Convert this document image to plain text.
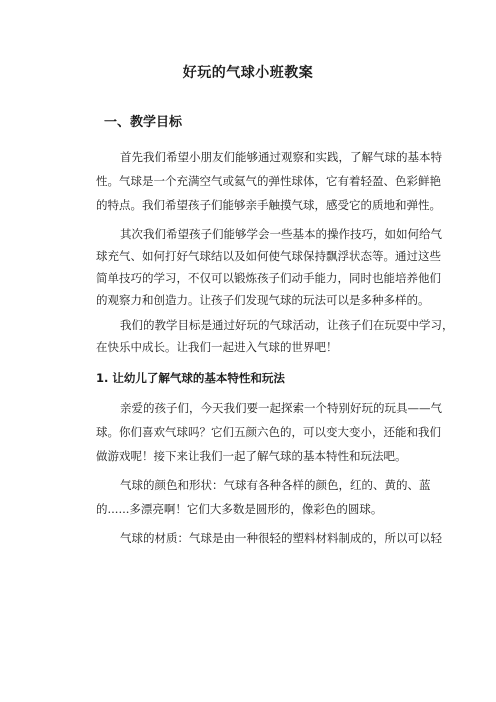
好玩的气球小班教案
一、教学目标
首先我们希望小朋友们能够通过观察和实践，了解气球的基本特
性。气球是一个充满空气或氦气的弹性球体，它有着轻盈、色彩鲜艳
的特点。我们希望孩子们能够亲手触摸气球，感受它的质地和弹性。
其次我们希望孩子们能够学会一些基本的操作技巧，如如何给气
球充气、如何打好气球结以及如何使气球保持飘浮状态等。通过这些
简单技巧的学习，不仅可以锻炼孩子们动手能力，同时也能培养他们
的观察力和创造力。让孩子们发现气球的玩法可以是多种多样的。
1. 让幼儿了解气球的基本特性和玩法
亲爱的孩子们，今天我们要一起探索一个特别好玩的玩具——气
球。你们喜欢气球吗？它们五颜六色的，可以变大变小，还能和我们
做游戏呢！接下来让我们一起了解气球的基本特性和玩法吧。
气球的颜色和形状：气球有各种各样的颜色，红的、黄的、蓝
的......多漂亮啊！它们大多数是圆形的，像彩色的圆球。
气球的材质：气球是由一种很轻的塑料材料制成的，所以可以轻
我们的教学目标是通过好玩的气球活动，让孩子们在玩耍中学习，
在快乐中成长。让我们一起进入气球的世界吧！
